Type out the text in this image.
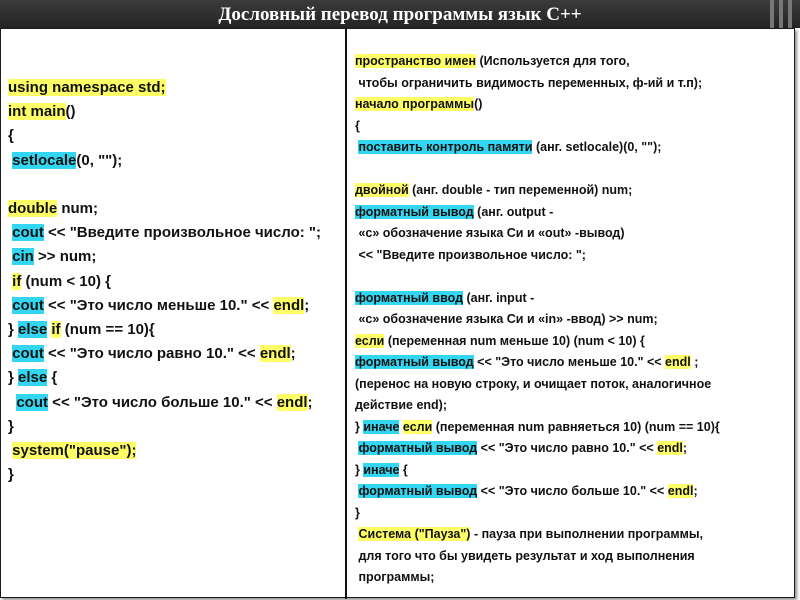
Дословный перевод программы язык С++
using namespace std;
int main()
{
setlocale(0, "");
double num;
cout << "Введите произвольное число: ";
cin >> num;
if (num < 10) {
cout << "Это число меньше 10." << endl;
} else if (num == 10){
cout << "Это число равно 10." << endl;
} else {
cout << "Это число больше 10." << endl;
}
system("pause");
}
пространство имен (Используется для того,
чтобы ограничить видимость переменных, ф-ий и т.п);
начало программы()
{
поставить контроль памяти (анг. setlocale)(0, "");
двойной (анг. double - тип переменной) num;
форматный вывод (анг. output -
«с» обозначение языка Си и «out» -вывод)
<< "Введите произвольное число: ";
форматный ввод (анг. input -
«с» обозначение языка Си и «in» -ввод) >> num;
если (переменная num меньше 10) (num < 10) {
форматный вывод << "Это число меньше 10." << endl ;
(перенос на новую строку, и очищает поток, аналогичное
действие end);
} иначе если (переменная num равняеться 10) (num == 10){
форматный вывод << "Это число равно 10." << endl;
} иначе {
форматный вывод << "Это число больше 10." << endl;
}
Система ("Пауза") - пауза при выполнении программы,
для того что бы увидеть результат и ход выполнения
программы;
